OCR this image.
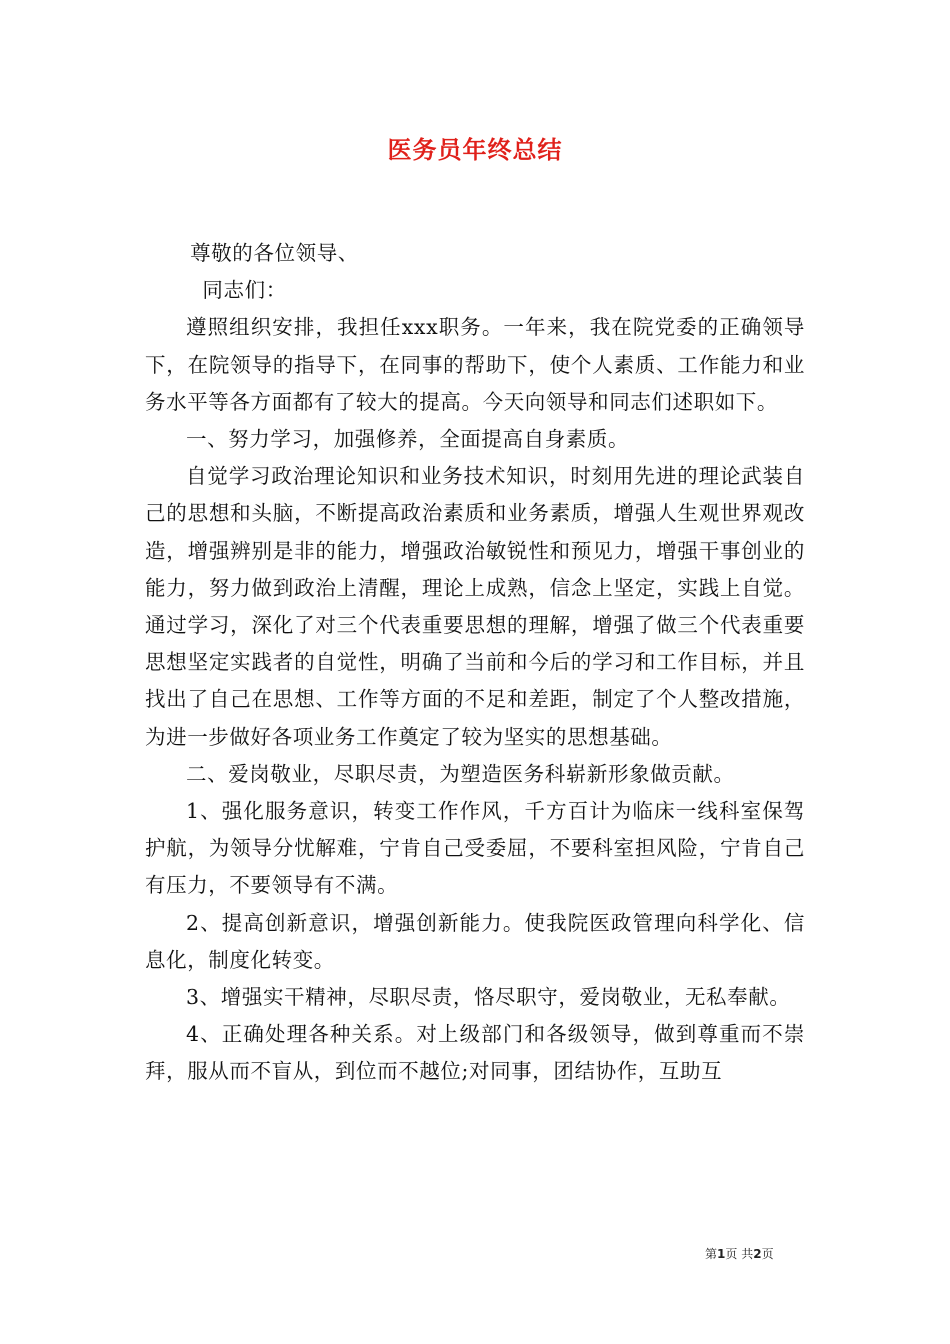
医务员年终总结

尊敬的各位领导、

同志们：

遵照组织安排，我担任xxx职务。一年来，我在院党委的正确领导下，在院领导的指导下，在同事的帮助下，使个人素质、工作能力和业务水平等各方面都有了较大的提高。今天向领导和同志们述职如下。

一、努力学习，加强修养，全面提高自身素质。

自觉学习政治理论知识和业务技术知识，时刻用先进的理论武装自己的思想和头脑，不断提高政治素质和业务素质，增强人生观世界观改造，增强辨别是非的能力，增强政治敏锐性和预见力，增强干事创业的能力，努力做到政治上清醒，理论上成熟，信念上坚定，实践上自觉。通过学习，深化了对三个代表重要思想的理解，增强了做三个代表重要思想坚定实践者的自觉性，明确了当前和今后的学习和工作目标，并且找出了自己在思想、工作等方面的不足和差距，制定了个人整改措施，为进一步做好各项业务工作奠定了较为坚实的思想基础。

二、爱岗敬业，尽职尽责，为塑造医务科崭新形象做贡献。

1、强化服务意识，转变工作作风，千方百计为临床一线科室保驾护航，为领导分忧解难，宁肯自己受委屈，不要科室担风险，宁肯自己有压力，不要领导有不满。

2、提高创新意识，增强创新能力。使我院医政管理向科学化、信息化，制度化转变。

3、增强实干精神，尽职尽责，恪尽职守，爱岗敬业，无私奉献。

4、正确处理各种关系。对上级部门和各级领导，做到尊重而不崇拜，服从而不盲从，到位而不越位;对同事，团结协作，互助互

第1页 共2页
